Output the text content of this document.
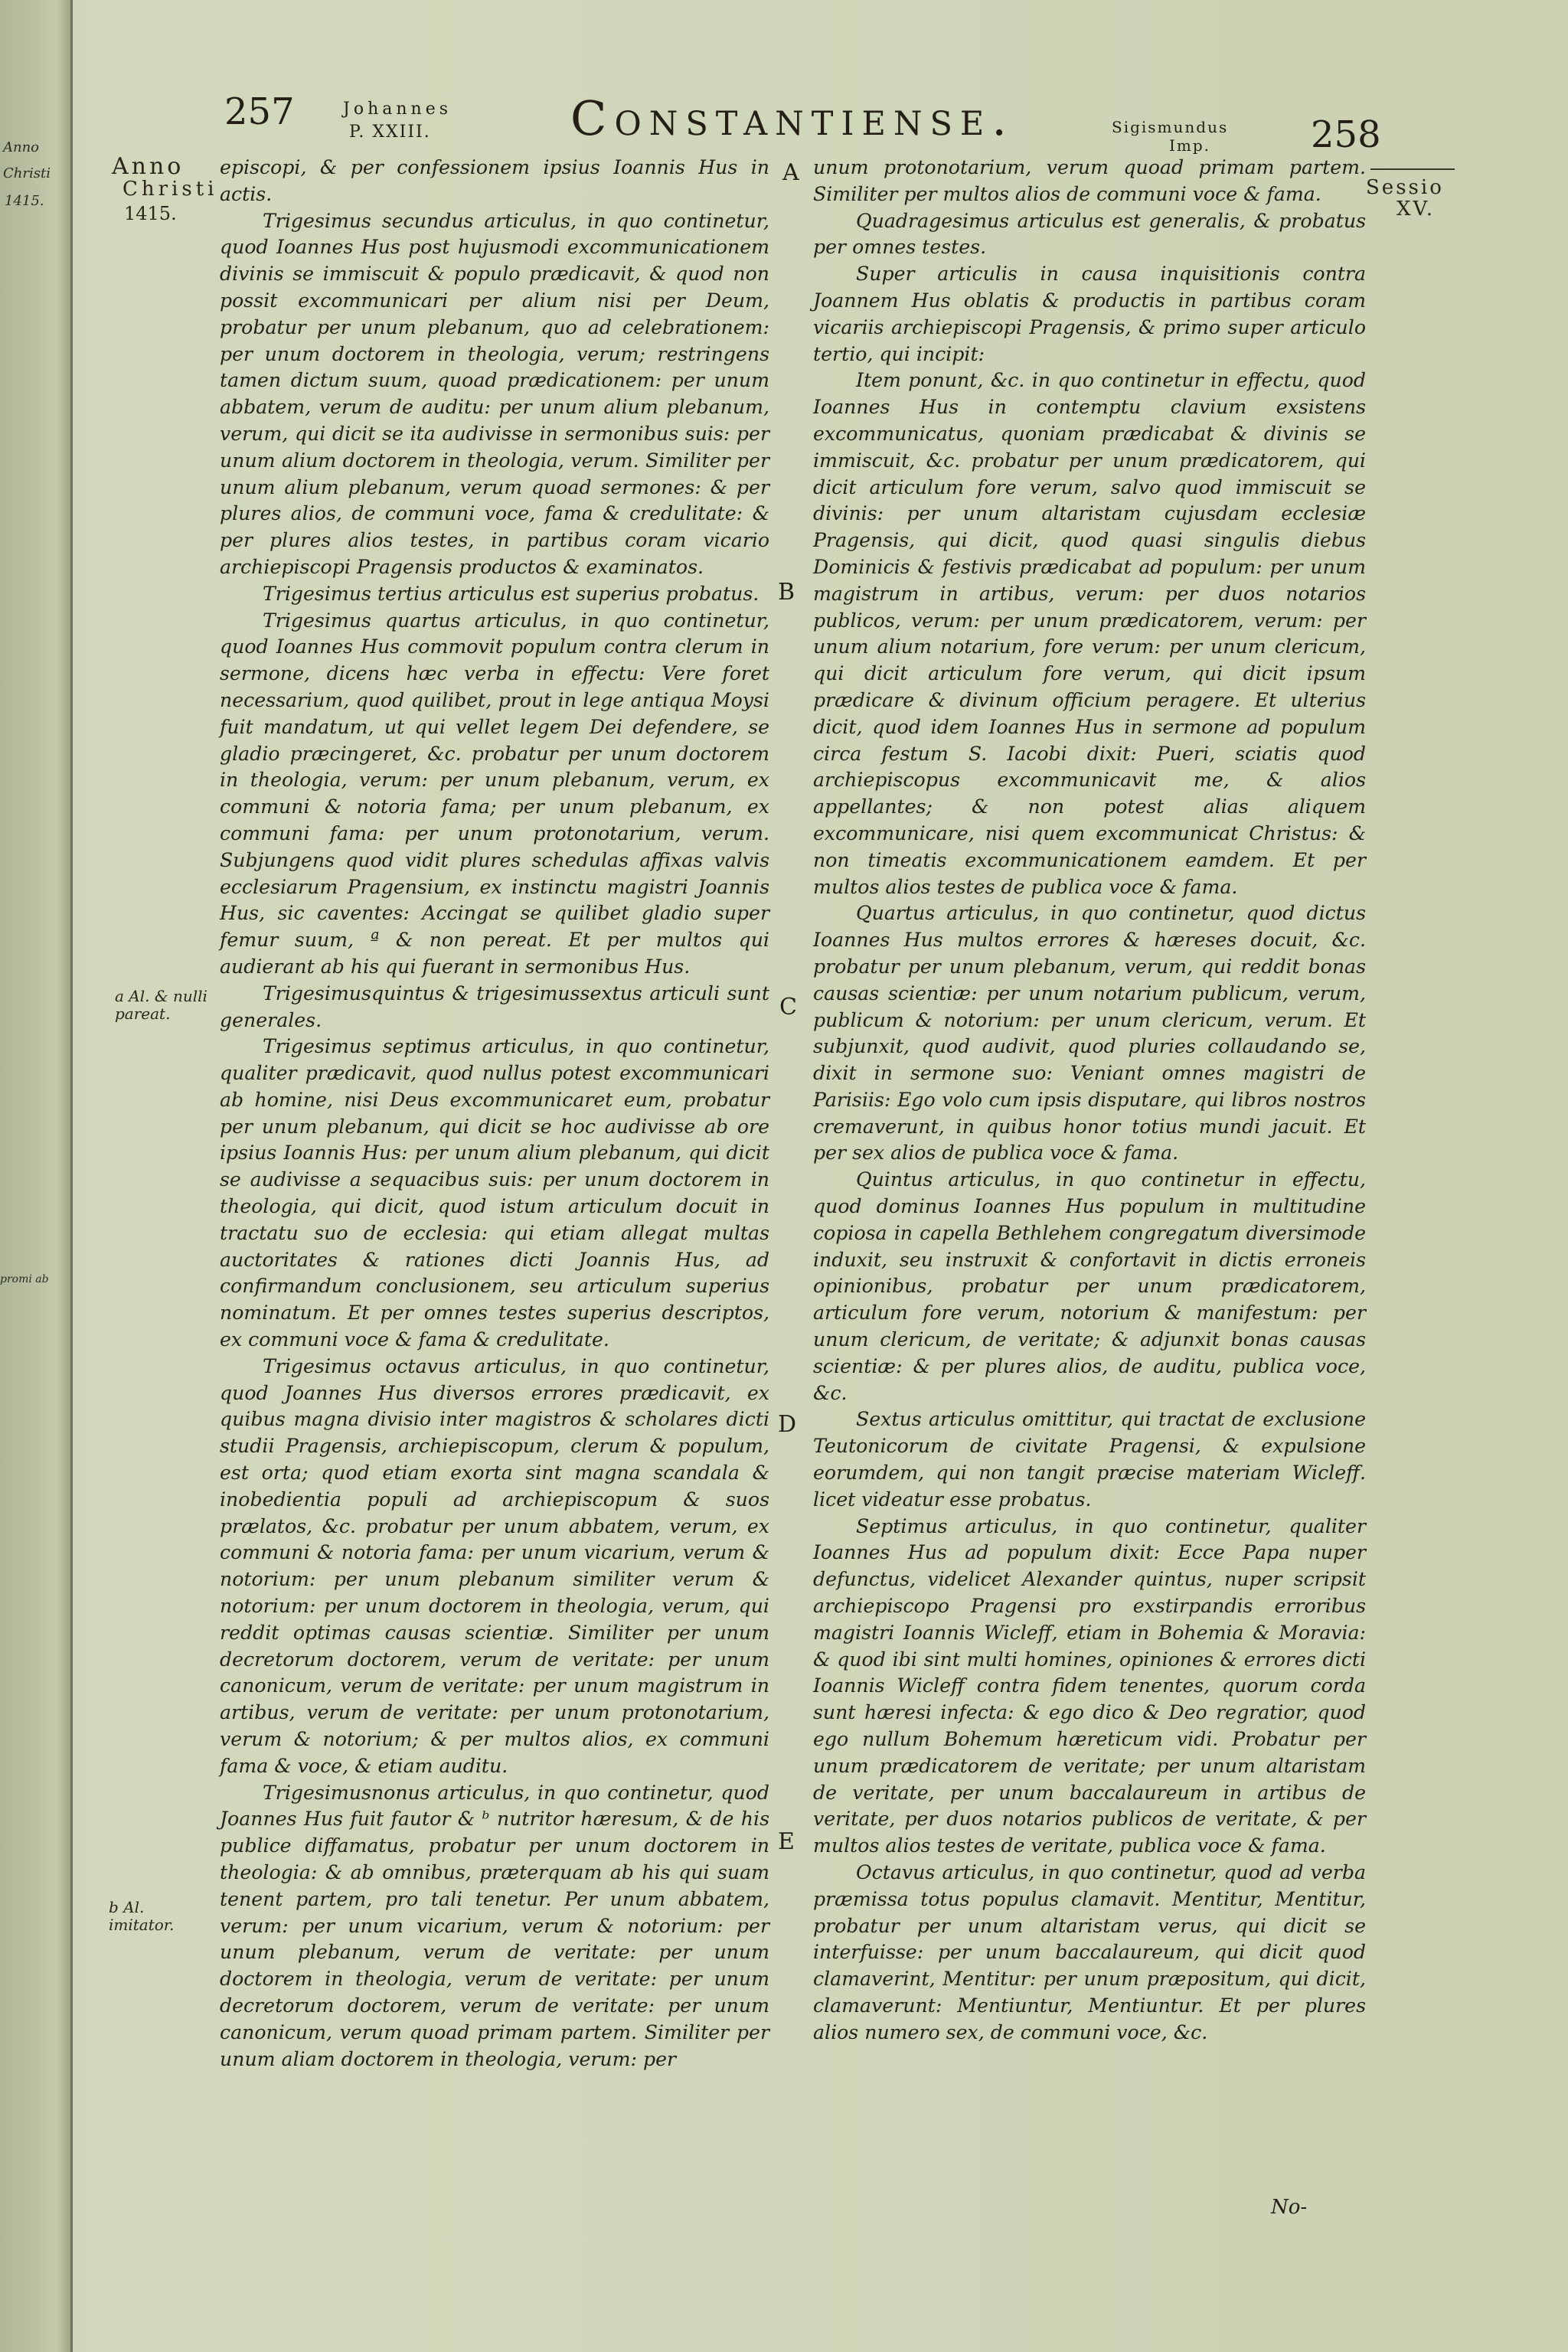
Anno
Christi
1415.
promi ab
257	Johannes
P. XXIII.	Constantiense.	Sigismundus
Imp.	258
Anno
Christi
1415.
Sessio
XV.
a Al. & nulli pareat.
b Al. imitator.
A
B
C
D
E

episcopi, & per confessionem ipsius Ioannis Hus in actis.

Trigesimus secundus articulus, in quo continetur, quod Ioannes Hus post hujusmodi excommunicationem divinis se immiscuit & populo prædicavit, & quod non possit excommunicari per alium nisi per Deum, probatur per unum plebanum, quo ad celebrationem: per unum doctorem in theologia, verum; restringens tamen dictum suum, quoad prædicationem: per unum abbatem, verum de auditu: per unum alium plebanum, verum, qui dicit se ita audivisse in sermonibus suis: per unum alium doctorem in theologia, verum. Similiter per unum alium plebanum, verum quoad sermones: & per plures alios, de communi voce, fama & credulitate: & per plures alios testes, in partibus coram vicario archiepiscopi Pragensis productos & examinatos.

Trigesimus tertius articulus est superius probatus.

Trigesimus quartus articulus, in quo continetur, quod Ioannes Hus commovit populum contra clerum in sermone, dicens hæc verba in effectu: Vere foret necessarium, quod quilibet, prout in lege antiqua Moysi fuit mandatum, ut qui vellet legem Dei defendere, se gladio præcingeret, &c. probatur per unum doctorem in theologia, verum: per unum plebanum, verum, ex communi & notoria fama; per unum plebanum, ex communi fama: per unum protonotarium, verum. Subjungens quod vidit plures schedulas affixas valvis ecclesiarum Pragensium, ex instinctu magistri Joannis Hus, sic caventes: Accingat se quilibet gladio super femur suum, ª & non pereat. Et per multos qui audierant ab his qui fuerant in sermonibus Hus.

Trigesimusquintus & trigesimussextus articuli sunt generales.

Trigesimus septimus articulus, in quo continetur, qualiter prædicavit, quod nullus potest excommunicari ab homine, nisi Deus excommunicaret eum, probatur per unum plebanum, qui dicit se hoc audivisse ab ore ipsius Ioannis Hus: per unum alium plebanum, qui dicit se audivisse a sequacibus suis: per unum doctorem in theologia, qui dicit, quod istum articulum docuit in tractatu suo de ecclesia: qui etiam allegat multas auctoritates & rationes dicti Joannis Hus, ad confirmandum conclusionem, seu articulum superius nominatum. Et per omnes testes superius descriptos, ex communi voce & fama & credulitate.

Trigesimus octavus articulus, in quo continetur, quod Joannes Hus diversos errores prædicavit, ex quibus magna divisio inter magistros & scholares dicti studii Pragensis, archiepiscopum, clerum & populum, est orta; quod etiam exorta sint magna scandala & inobedientia populi ad archiepiscopum & suos prælatos, &c. probatur per unum abbatem, verum, ex communi & notoria fama: per unum vicarium, verum & notorium: per unum plebanum similiter verum & notorium: per unum doctorem in theologia, verum, qui reddit optimas causas scientiæ. Similiter per unum decretorum doctorem, verum de veritate: per unum canonicum, verum de veritate: per unum magistrum in artibus, verum de veritate: per unum protonotarium, verum & notorium; & per multos alios, ex communi fama & voce, & etiam auditu.

Trigesimusnonus articulus, in quo continetur, quod Joannes Hus fuit fautor & ᵇ nutritor hæresum, & de his publice diffamatus, probatur per unum doctorem in theologia: & ab omnibus, præterquam ab his qui suam tenent partem, pro tali tenetur. Per unum abbatem, verum: per unum vicarium, verum & notorium: per unum plebanum, verum de veritate: per unum doctorem in theologia, verum de veritate: per unum decretorum doctorem, verum de veritate: per unum canonicum, verum quoad primam partem. Similiter per unum aliam doctorem in theologia, verum: per

unum protonotarium, verum quoad primam partem. Similiter per multos alios de communi voce & fama.

Quadragesimus articulus est generalis, & probatus per omnes testes.

Super articulis in causa inquisitionis contra Joannem Hus oblatis & productis in partibus coram vicariis archiepiscopi Pragensis, & primo super articulo tertio, qui incipit:

Item ponunt, &c. in quo continetur in effectu, quod Ioannes Hus in contemptu clavium exsistens excommunicatus, quoniam prædicabat & divinis se immiscuit, &c. probatur per unum prædicatorem, qui dicit articulum fore verum, salvo quod immiscuit se divinis: per unum altaristam cujusdam ecclesiæ Pragensis, qui dicit, quod quasi singulis diebus Dominicis & festivis prædicabat ad populum: per unum magistrum in artibus, verum: per duos notarios publicos, verum: per unum prædicatorem, verum: per unum alium notarium, fore verum: per unum clericum, qui dicit articulum fore verum, qui dicit ipsum prædicare & divinum officium peragere. Et ulterius dicit, quod idem Ioannes Hus in sermone ad populum circa festum S. Iacobi dixit: Pueri, sciatis quod archiepiscopus excommunicavit me, & alios appellantes; & non potest alias aliquem excommunicare, nisi quem excommunicat Christus: & non timeatis excommunicationem eamdem. Et per multos alios testes de publica voce & fama.

Quartus articulus, in quo continetur, quod dictus Ioannes Hus multos errores & hæreses docuit, &c. probatur per unum plebanum, verum, qui reddit bonas causas scientiæ: per unum notarium publicum, verum, publicum & notorium: per unum clericum, verum. Et subjunxit, quod audivit, quod pluries collaudando se, dixit in sermone suo: Veniant omnes magistri de Parisiis: Ego volo cum ipsis disputare, qui libros nostros cremaverunt, in quibus honor totius mundi jacuit. Et per sex alios de publica voce & fama.

Quintus articulus, in quo continetur in effectu, quod dominus Ioannes Hus populum in multitudine copiosa in capella Bethlehem congregatum diversimode induxit, seu instruxit & confortavit in dictis erroneis opinionibus, probatur per unum prædicatorem, articulum fore verum, notorium & manifestum: per unum clericum, de veritate; & adjunxit bonas causas scientiæ: & per plures alios, de auditu, publica voce, &c.

Sextus articulus omittitur, qui tractat de exclusione Teutonicorum de civitate Pragensi, & expulsione eorumdem, qui non tangit præcise materiam Wicleff. licet videatur esse probatus.

Septimus articulus, in quo continetur, qualiter Ioannes Hus ad populum dixit: Ecce Papa nuper defunctus, videlicet Alexander quintus, nuper scripsit archiepiscopo Pragensi pro exstirpandis erroribus magistri Ioannis Wicleff, etiam in Bohemia & Moravia: & quod ibi sint multi homines, opiniones & errores dicti Ioannis Wicleff contra fidem tenentes, quorum corda sunt hæresi infecta: & ego dico & Deo regratior, quod ego nullum Bohemum hæreticum vidi. Probatur per unum prædicatorem de veritate; per unum altaristam de veritate, per unum baccalaureum in artibus de veritate, per duos notarios publicos de veritate, & per multos alios testes de veritate, publica voce & fama.

Octavus articulus, in quo continetur, quod ad verba præmissa totus populus clamavit. Mentitur, Mentitur, probatur per unum altaristam verus, qui dicit se interfuisse: per unum baccalaureum, qui dicit quod clamaverint, Mentitur: per unum præpositum, qui dicit, clamaverunt: Mentiuntur, Mentiuntur. Et per plures alios numero sex, de communi voce, &c.

No-
